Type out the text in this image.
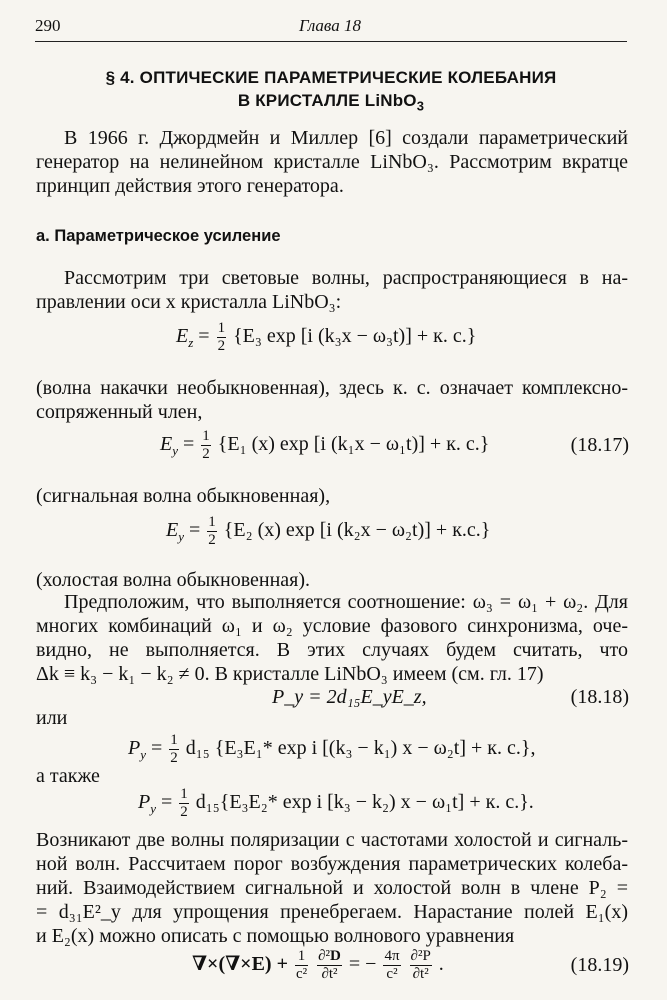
290	Глава 18
§ 4. ОПТИЧЕСКИЕ ПАРАМЕТРИЧЕСКИЕ КОЛЕБАНИЯ
В КРИСТАЛЛЕ LiNbO$_3$
В 1966 г. Джордмейн и Миллер [6] создали параметрический
генератор на нелинейном кристалле LiNbO₃. Рассмотрим вкратце
принцип действия этого генератора.
а. Параметрическое усиление
Рассмотрим три световые волны, распространяющиеся в на-
правлении оси x кристалла LiNbO₃:
$E_z = \frac{1}{2} \{E_3$ exp [i (k₃x − ω₃t)] + к. с.}
(волна накачки необыкновенная), здесь к. с. означает комплексно-
сопряженный член,
$E_y = \frac{1}{2} \{E_1$ (x) exp [i (k₁x − ω₁t)] + к. с.}	(18.17)
(сигнальная волна обыкновенная),
$E_y = \frac{1}{2} \{E_2$ (x) exp [i (k₂x − ω₂t)] + к.с.}
(холостая волна обыкновенная).
Предположим, что выполняется соотношение: ω₃ = ω₁ + ω₂. Для
многих комбинаций ω₁ и ω₂ условие фазового синхронизма, оче-
видно, не выполняется. В этих случаях будем считать, что
Δk ≡ k₃ − k₁ − k₂ ≠ 0. В кристалле LiNbO₃ имеем (см. гл. 17)
P_y = 2d₁₅E_yE_z,	(18.18)
или
$P_y = \frac{1}{2} d_{15}$ {E₃E₁* exp i [(k₃ − k₁) x − ω₂t] + к. с.},
а также
$P_y = \frac{1}{2} d_{15}\{E_3E_2*$ exp i [k₃ − k₂) x − ω₁t] + к. с.}.
Возникают две волны поляризации с частотами холостой и сигналь-
ной волн. Рассчитаем порог возбуждения параметрических колеба-
ний. Взаимодействием сигнальной и холостой волн в члене P₂ =
= d₃₁E²_y для упрощения пренебрегаем. Нарастание полей E₁(x)
и E₂(x) можно описать с помощью волнового уравнения
$\nabla\times(\nabla\times E) + \frac{1}{\text{c²}}$
$\frac{\text{∂²D}}{\text{∂t²}}$ = − $\frac{4\pi}{\text{c²}}$
$\frac{\text{∂²P}}{\text{∂t²}}$ .	(18.19)
